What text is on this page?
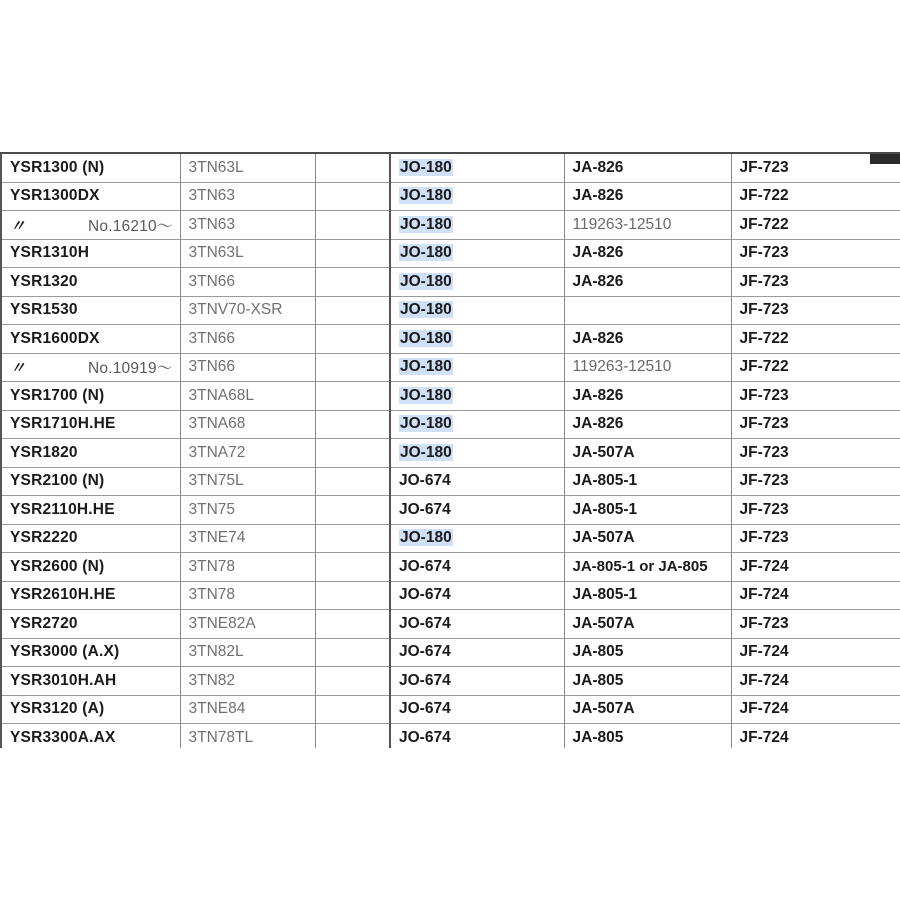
YSR1300 (N)	3TN63L		JO-180	JA-826	JF-723
YSR1300DX	3TN63		JO-180	JA-826	JF-722
〃 No.16210～	3TN63		JO-180	119263-12510	JF-722
YSR1310H	3TN63L		JO-180	JA-826	JF-723
YSR1320	3TN66		JO-180	JA-826	JF-723
YSR1530	3TNV70-XSR		JO-180		JF-723
YSR1600DX	3TN66		JO-180	JA-826	JF-722
〃 No.10919～	3TN66		JO-180	119263-12510	JF-722
YSR1700 (N)	3TNA68L		JO-180	JA-826	JF-723
YSR1710H.HE	3TNA68		JO-180	JA-826	JF-723
YSR1820	3TNA72		JO-180	JA-507A	JF-723
YSR2100 (N)	3TN75L		JO-674	JA-805-1	JF-723
YSR2110H.HE	3TN75		JO-674	JA-805-1	JF-723
YSR2220	3TNE74		JO-180	JA-507A	JF-723
YSR2600 (N)	3TN78		JO-674	JA-805-1 or JA-805	JF-724
YSR2610H.HE	3TN78		JO-674	JA-805-1	JF-724
YSR2720	3TNE82A		JO-674	JA-507A	JF-723
YSR3000 (A.X)	3TN82L		JO-674	JA-805	JF-724
YSR3010H.AH	3TN82		JO-674	JA-805	JF-724
YSR3120 (A)	3TNE84		JO-674	JA-507A	JF-724
YSR3300A.AX	3TN78TL		JO-674	JA-805	JF-724
